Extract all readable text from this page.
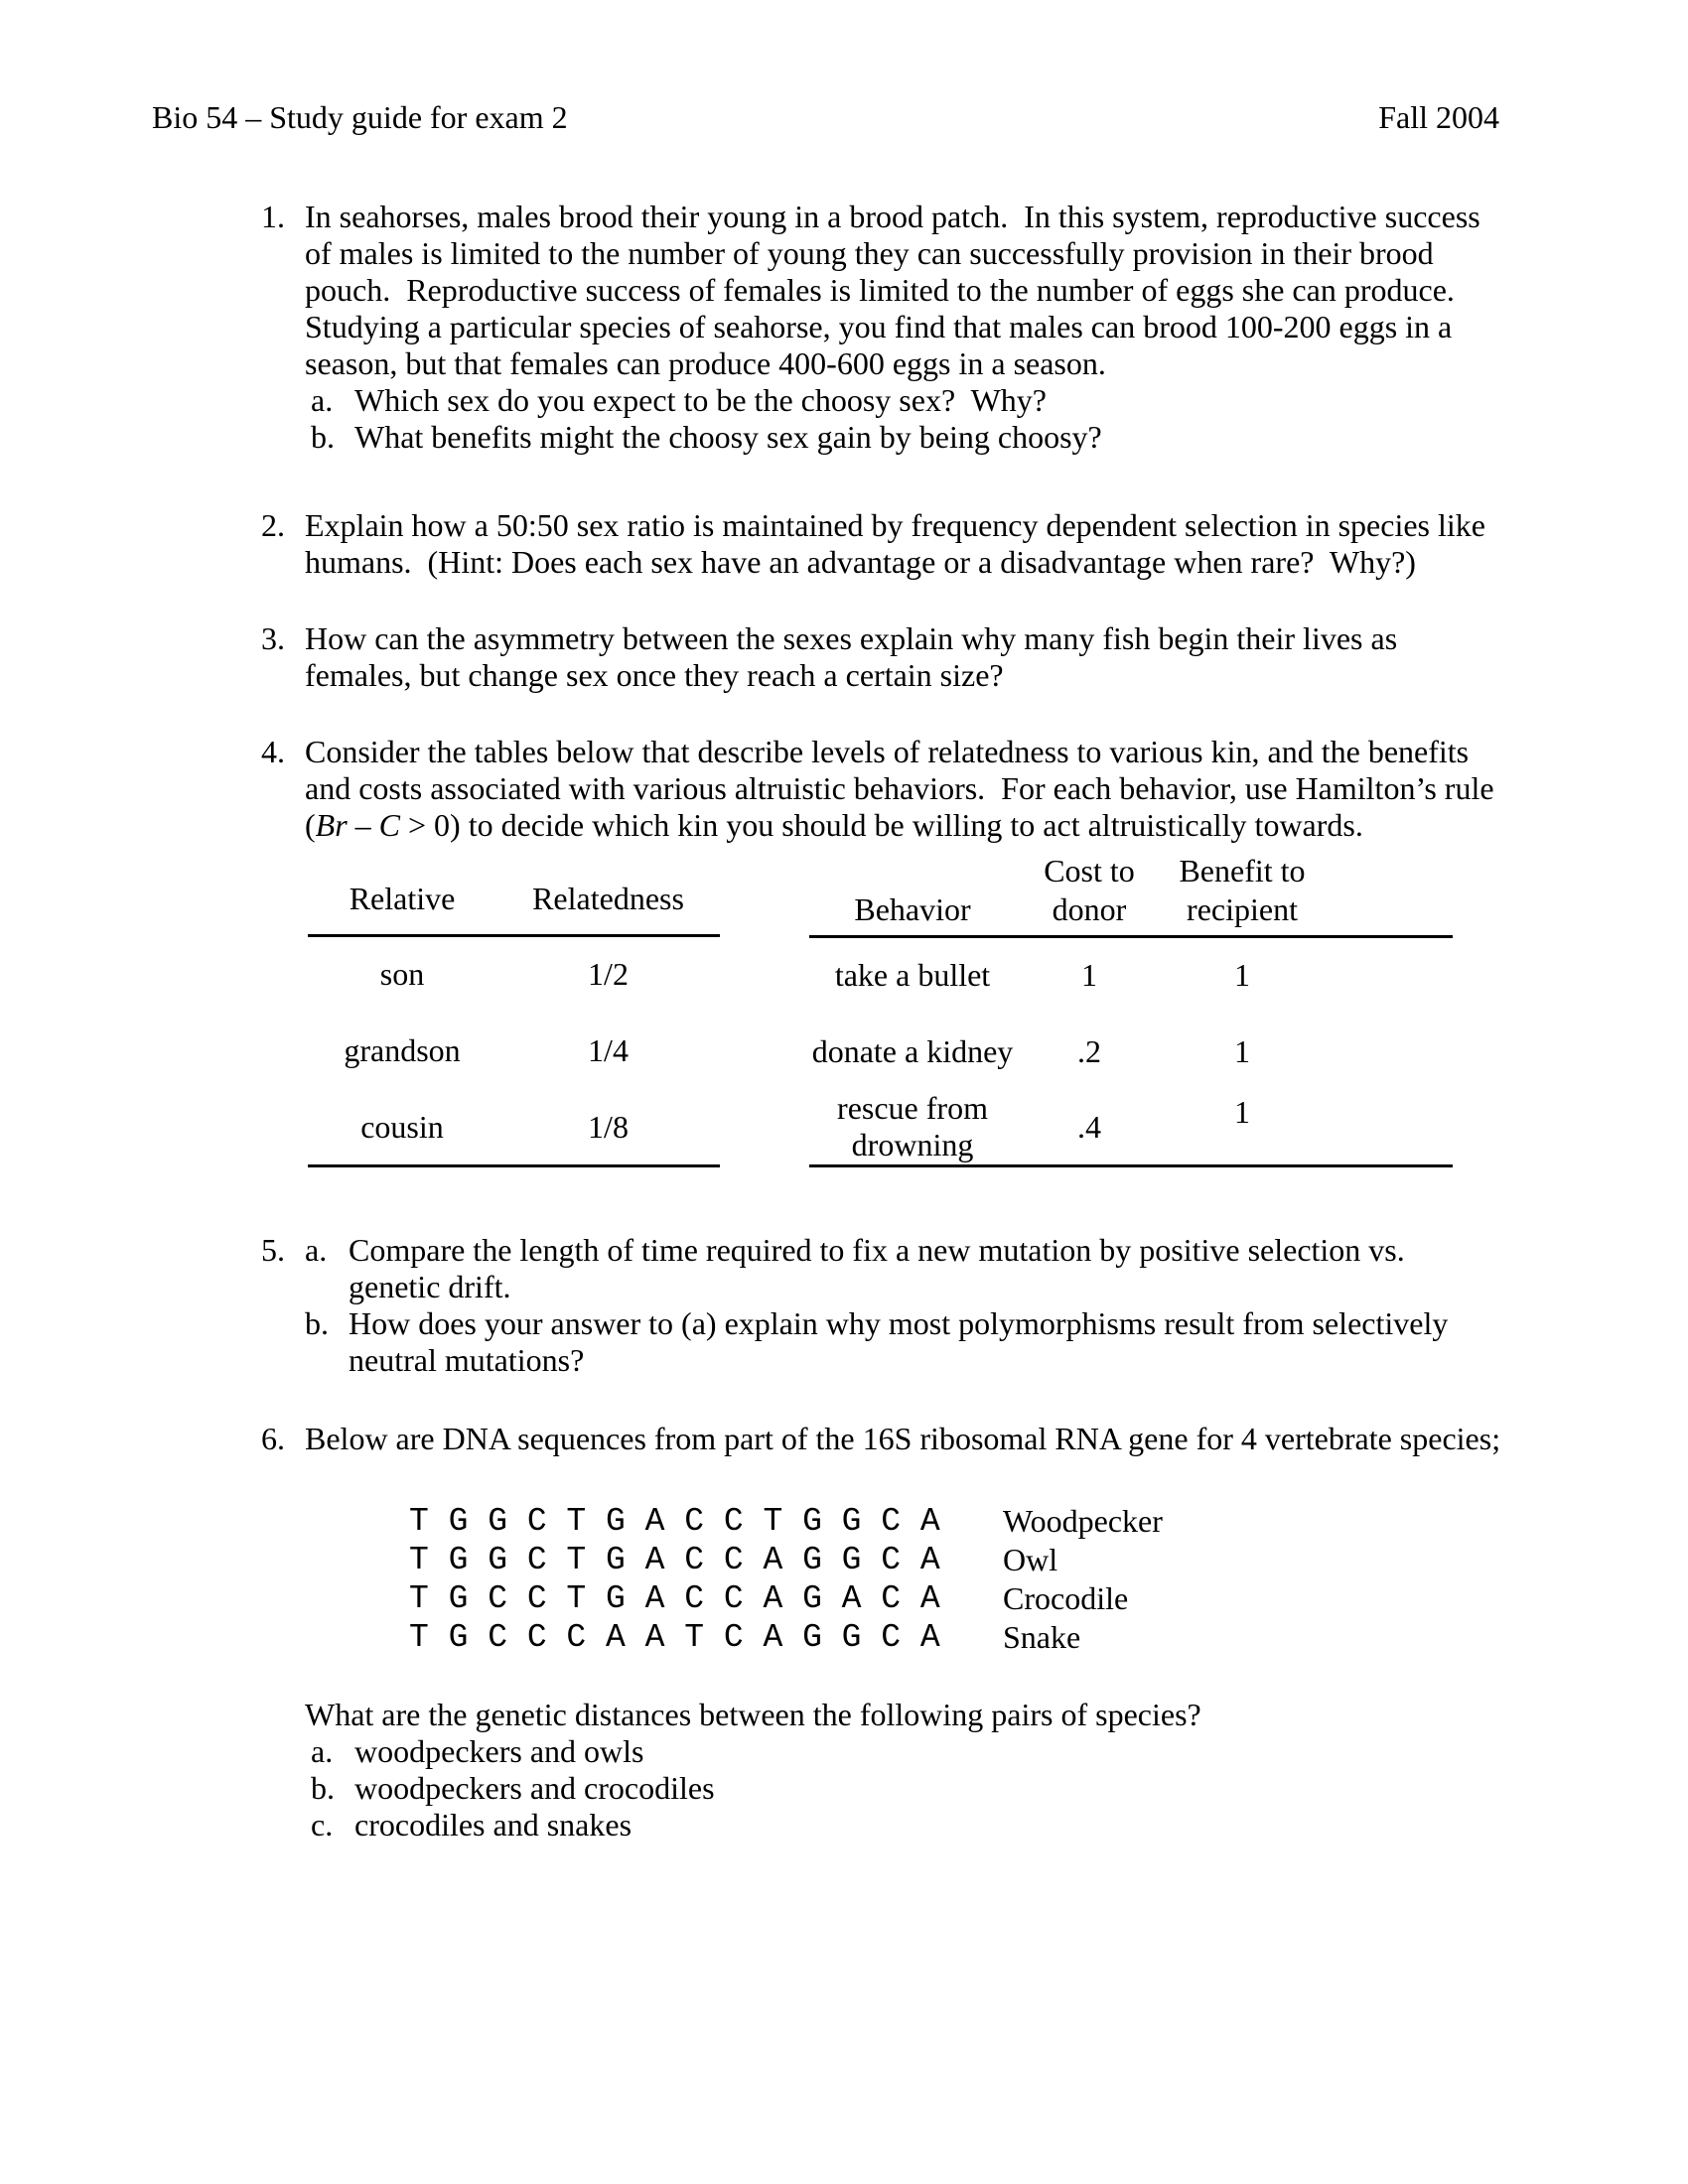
Bio 54 – Study guide for exam 2	Fall 2004
1. In seahorses, males brood their young in a brood patch.  In this system, reproductive success of males is limited to the number of young they can successfully provision in their brood pouch.  Reproductive success of females is limited to the number of eggs she can produce.  Studying a particular species of seahorse, you find that males can brood 100-200 eggs in a season, but that females can produce 400-600 eggs in a season.

a. Which sex do you expect to be the choosy sex?  Why?
b. What benefits might the choosy sex gain by being choosy?
2. Explain how a 50:50 sex ratio is maintained by frequency dependent selection in species like humans.  (Hint: Does each sex have an advantage or a disadvantage when rare?  Why?)

3. How can the asymmetry between the sexes explain why many fish begin their lives as females, but change sex once they reach a certain size?

4. Consider the tables below that describe levels of relatedness to various kin, and the benefits and costs associated with various altruistic behaviors.  For each behavior, use Hamilton’s rule (Br – C > 0) to decide which kin you should be willing to act altruistically towards.

Relative	Relatedness
son	1/2
grandson	1/4
cousin	1/8
Behavior	Cost to donor	Benefit to recipient	
take a bullet	1	1	
donate a kidney	.2	1	
rescue from drowning	.4	1	
5. a. Compare the length of time required to fix a new mutation by positive selection vs. genetic drift.
b. How does your answer to (a) explain why most polymorphisms result from selectively neutral mutations?
6. Below are DNA sequences from part of the 16S ribosomal RNA gene for 4 vertebrate species;

T G G C T G A C C T G G C A	Woodpecker
T G G C T G A C C A G G C A	Owl
T G C C T G A C C A G A C A	Crocodile
T G C C C A A T C A G G C A	Snake

What are the genetic distances between the following pairs of species?

a. woodpeckers and owls
b. woodpeckers and crocodiles
c. crocodiles and snakes
